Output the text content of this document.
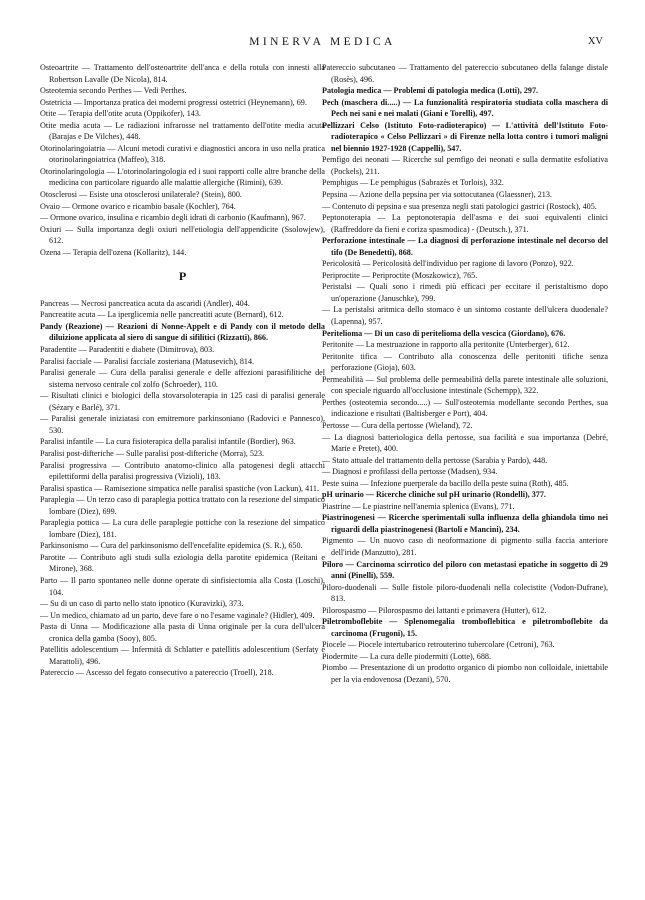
MINERVA MEDICA	XV

Osteoartrite — Trattamento dell'osteoartrite dell'anca e della rotula con innesti alla Robertson Lavalle (De Nicola), 814.

Osteotemia secondo Perthes — Vedi Perthes.

Ostetricia — Importanza pratica dei moderni progressi ostetrici (Heynemann), 69.

Otite — Terapia dell'otite acuta (Oppikofer), 143.

Otite media acuta — Le radiazioni infrarosse nel trattamento dell'otite media acuta (Barajas e De Vilches), 448.

Otorinolaringoiatria — Alcuni metodi curativi e diagnostici ancora in uso nella pratica otorinolaringoiatrica (Maffeo), 318.

Otorinolaringologia — L'otorinolaringologia ed i suoi rapporti colle altre branche della medicina con particolare riguardo alle malattie allergiche (Rimini), 639.

Otosclerosi — Esiste una otosclerosi unilaterale? (Stein), 800.

Ovaio — Ormone ovarico e ricambio basale (Kochler), 764.

— Ormone ovarico, insulina e ricambio degli idrati di carbonio (Kaufmann), 967.

Oxiuri — Sulla importanza degli oxiuri nell'etiologia dell'appendicite (Ssolowjew), 612.

Ozena — Terapia dell'ozena (Kollaritz), 144.

P

Pancreas — Necrosi pancreatica acuta da ascaridi (Andler), 404.

Pancreatite acuta — La iperglicemia nelle pancreatiti acute (Bernard), 612.

Pandy (Reazione) — Reazioni di Nonne-Appelt e di Pandy con il metodo della diluizione applicata al siero di sangue di sifilitici (Rizzatti), 866.

Paradentite — Paradentiti e diabete (Dimitrova), 803.

Paralisi facciale — Paralisi facciale zosteriana (Matusevich), 814.

Paralisi generale — Cura della paralisi generale e delle affezioni parasifilitiche del sistema nervoso centrale col zolfo (Schroeder), 110.

— Risultati clinici e biologici della stovarsoloterapia in 125 casi di paralisi generale (Sézary e Barlé), 371.

— Paralisi generale iniziatasi con emitremore parkinsoniano (Radovici e Pannesco), 530.

Paralisi infantile — La cura fisioterapica della paralisi infantile (Bordier), 963.

Paralisi post-difteriche — Sulle paralisi post-difteriche (Morra), 523.

Paralisi progressiva — Contributo anatomo-clinico alla patogenesi degli attacchi epilettiformi della paralisi progressiva (Vizioli), 183.

Paralisi spastica — Ramisezione simpatica nelle paralisi spastiche (von Lackun), 411.

Paraplegia — Un terzo caso di paraplegia pottica trattato con la resezione del simpatico lombare (Diez), 699.

Paraplegia pottica — La cura delle paraplegie pottiche con la resezione del simpatico lombare (Diez), 181.

Parkinsonismo — Cura del parkinsonismo dell'encefalite epidemica (S. R.), 650.

Parotite — Contributo agli studi sulla eziologia della parotite epidemica (Reitani e Mirone), 368.

Parto — Il parto spontaneo nelle donne operate di sinfisiectomia alla Costa (Loschi), 104.

— Su di un caso di parto nello stato ipnotico (Kuravizki), 373.

— Un medico, chiamato ad un parto, deve fare o no l'esame vaginale? (Hidler), 409.

Pasta di Unna — Modificazione alla pasta di Unna originale per la cura dell'ulcera cronica della gamba (Sooy), 805.

Patellitis adolescentium — Infermità di Schlatter e patellitis adolescentium (Serfaty e Marattoli), 496.

Patereccio — Ascesso del fegato consecutivo a patereccio (Troell), 218.

Patereccio subcutaneo — Trattamento del patereccio subcutaneo della falange distale (Rosès), 496.

Patologia medica — Problemi di patologia medica (Lotti), 297.

Pech (maschera di.....) — La funzionalità respiratoria studiata colla maschera di Pech nei sani e nei malati (Giani e Torelli), 497.

Pellizzari Celso (Istituto Foto-radioterapico) — L'attività dell'Istituto Foto-radioterapico « Celso Pellizzari » di Firenze nella lotta contro i tumori maligni nel biennio 1927-1928 (Cappelli), 547.

Pemfigo dei neonati — Ricerche sul pemfigo dei neonati e sulla dermatite esfoliativa (Pockels), 211.

Pemphigus — Le pemphigus (Sabrazès et Torlois), 332.

Pepsina — Azione della pepsina per via sottocutanea (Glaessner), 213.

— Contenuto di pepsina e sua presenza negli stati patologici gastrici (Rostock), 405.

Peptonoterapia — La peptonoterapia dell'asma e dei suoi equivalenti clinici (Raffreddore da fieni e coriza spasmodica) - (Deutsch.), 371.

Perforazione intestinale — La diagnosi di perforazione intestinale nel decorso del tifo (De Benedetti), 868.

Pericolosità — Pericolosità dell'individuo per ragione di lavoro (Ponzo), 922.

Periproctite — Periproctite (Moszkowicz), 765.

Peristalsi — Quali sono i rimedi più efficaci per eccitare il peristaltismo dopo un'operazione (Januschke), 799.

— La peristalsi aritmica dello stomaco è un sintomo costante dell'ulcera duodenale? (Lapenna), 957.

Peritelioma — Di un caso di peritelioma della vescica (Giordano), 676.

Peritonite — La mestruazione in rapporto alla peritonite (Unterberger), 612.

Peritonite tifica — Contributo alla conoscenza delle peritoniti tifiche senza perforazione (Gioja), 603.

Permeabilità — Sul problema delle permeabilità della parete intestinale alle soluzioni, con speciale riguardo all'occlusione intestinale (Schempp), 322.

Perthes (osteotemia secondo.....) — Sull'osteotemia modellante secondo Perthes, sua indicazione e risultati (Baltisberger e Port), 404.

Pertosse — Cura della pertosse (Wieland), 72.

— La diagnosi batteriologica della pertosse, sua facilità e sua importanza (Debré, Marie e Pretet), 400.

— Stato attuale del trattamento della pertosse (Sarabia y Pardo), 448.

— Diagnosi e profilassi della pertosse (Madsen), 934.

Peste suina — Infezione puerperale da bacillo della peste suina (Roth), 485.

pH urinario — Ricerche cliniche sul pH urinario (Rondelli), 377.

Piastrine — Le piastrine nell'anemia splenica (Evans), 771.

Piastrinogenesi — Ricerche sperimentali sulla influenza della ghiandola timo nei riguardi della piastrinogenesi (Bartoli e Mancini), 234.

Pigmento — Un nuovo caso di neoformazione di pigmento sulla faccia anteriore dell'iride (Manzutto), 281.

Piloro — Carcinoma scirrotico del piloro con metastasi epatiche in soggetto di 29 anni (Pinelli), 559.

Piloro-duodenali — Sulle fistole piloro-duodenali nella colecistite (Vodon-Dufrane), 813.

Pilorospasmo — Pilorospasmo dei lattanti e primavera (Hutter), 612.

Piletromboflebite — Splenomegalia tromboflebitica e piletromboflebite da carcinoma (Frugoni), 15.

Piocele — Piocele intertubarico retrouterino tubercolare (Cetroni), 763.

Piodermite — La cura delle piodermiti (Lotte), 688.

Piombo — Presentazione di un prodotto organico di piombo non colloidale, iniettabile per la via endovenosa (Dezani), 570.
